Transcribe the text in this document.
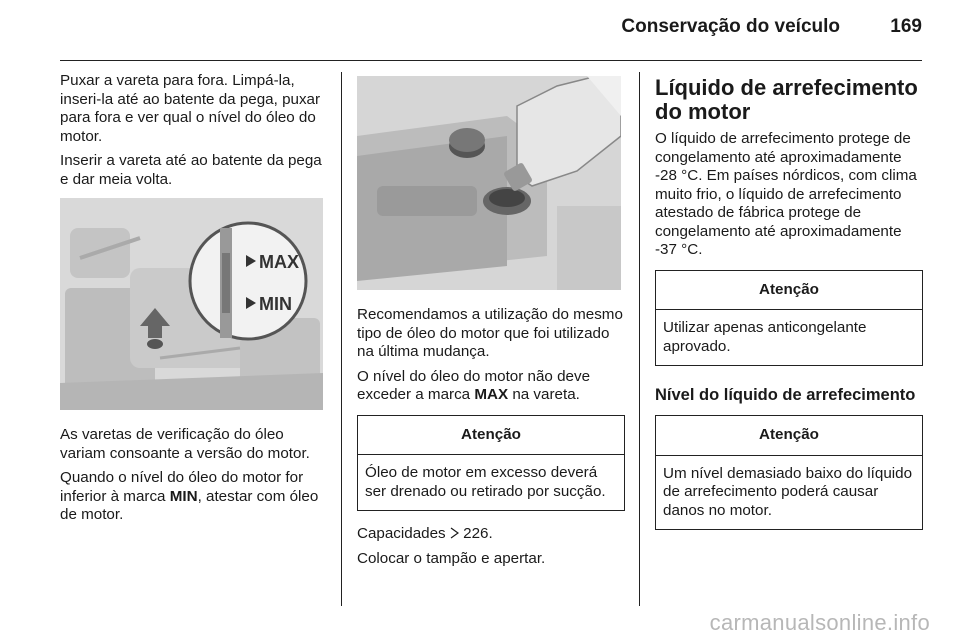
Conservação do veículo	169

Puxar a vareta para fora. Limpá-la, inseri-la até ao batente da pega, puxar para fora e ver qual o nível do óleo do motor.

Inserir a vareta até ao batente da pega e dar meia volta.

MAX
MIN

As varetas de verificação do óleo variam consoante a versão do motor.

Quando o nível do óleo do motor for inferior à marca MIN, atestar com óleo de motor.

Recomendamos a utilização do mesmo tipo de óleo do motor que foi utilizado na última mudança.

O nível do óleo do motor não deve exceder a marca MAX na vareta.

Atenção
Óleo de motor em excesso deverá ser drenado ou retirado por sucção.

Capacidades  226.

Colocar o tampão e apertar.

Líquido de arrefecimento do motor

O líquido de arrefecimento protege de congelamento até aproximadamente -28 °C. Em países nórdicos, com clima muito frio, o líquido de arrefecimento atestado de fábrica protege de congelamento até aproximadamente -37 °C.

Atenção
Utilizar apenas anticongelante aprovado.
Nível do líquido de arrefecimento
Atenção
Um nível demasiado baixo do líquido de arrefecimento poderá causar danos no motor.
carmanualsonline.info
